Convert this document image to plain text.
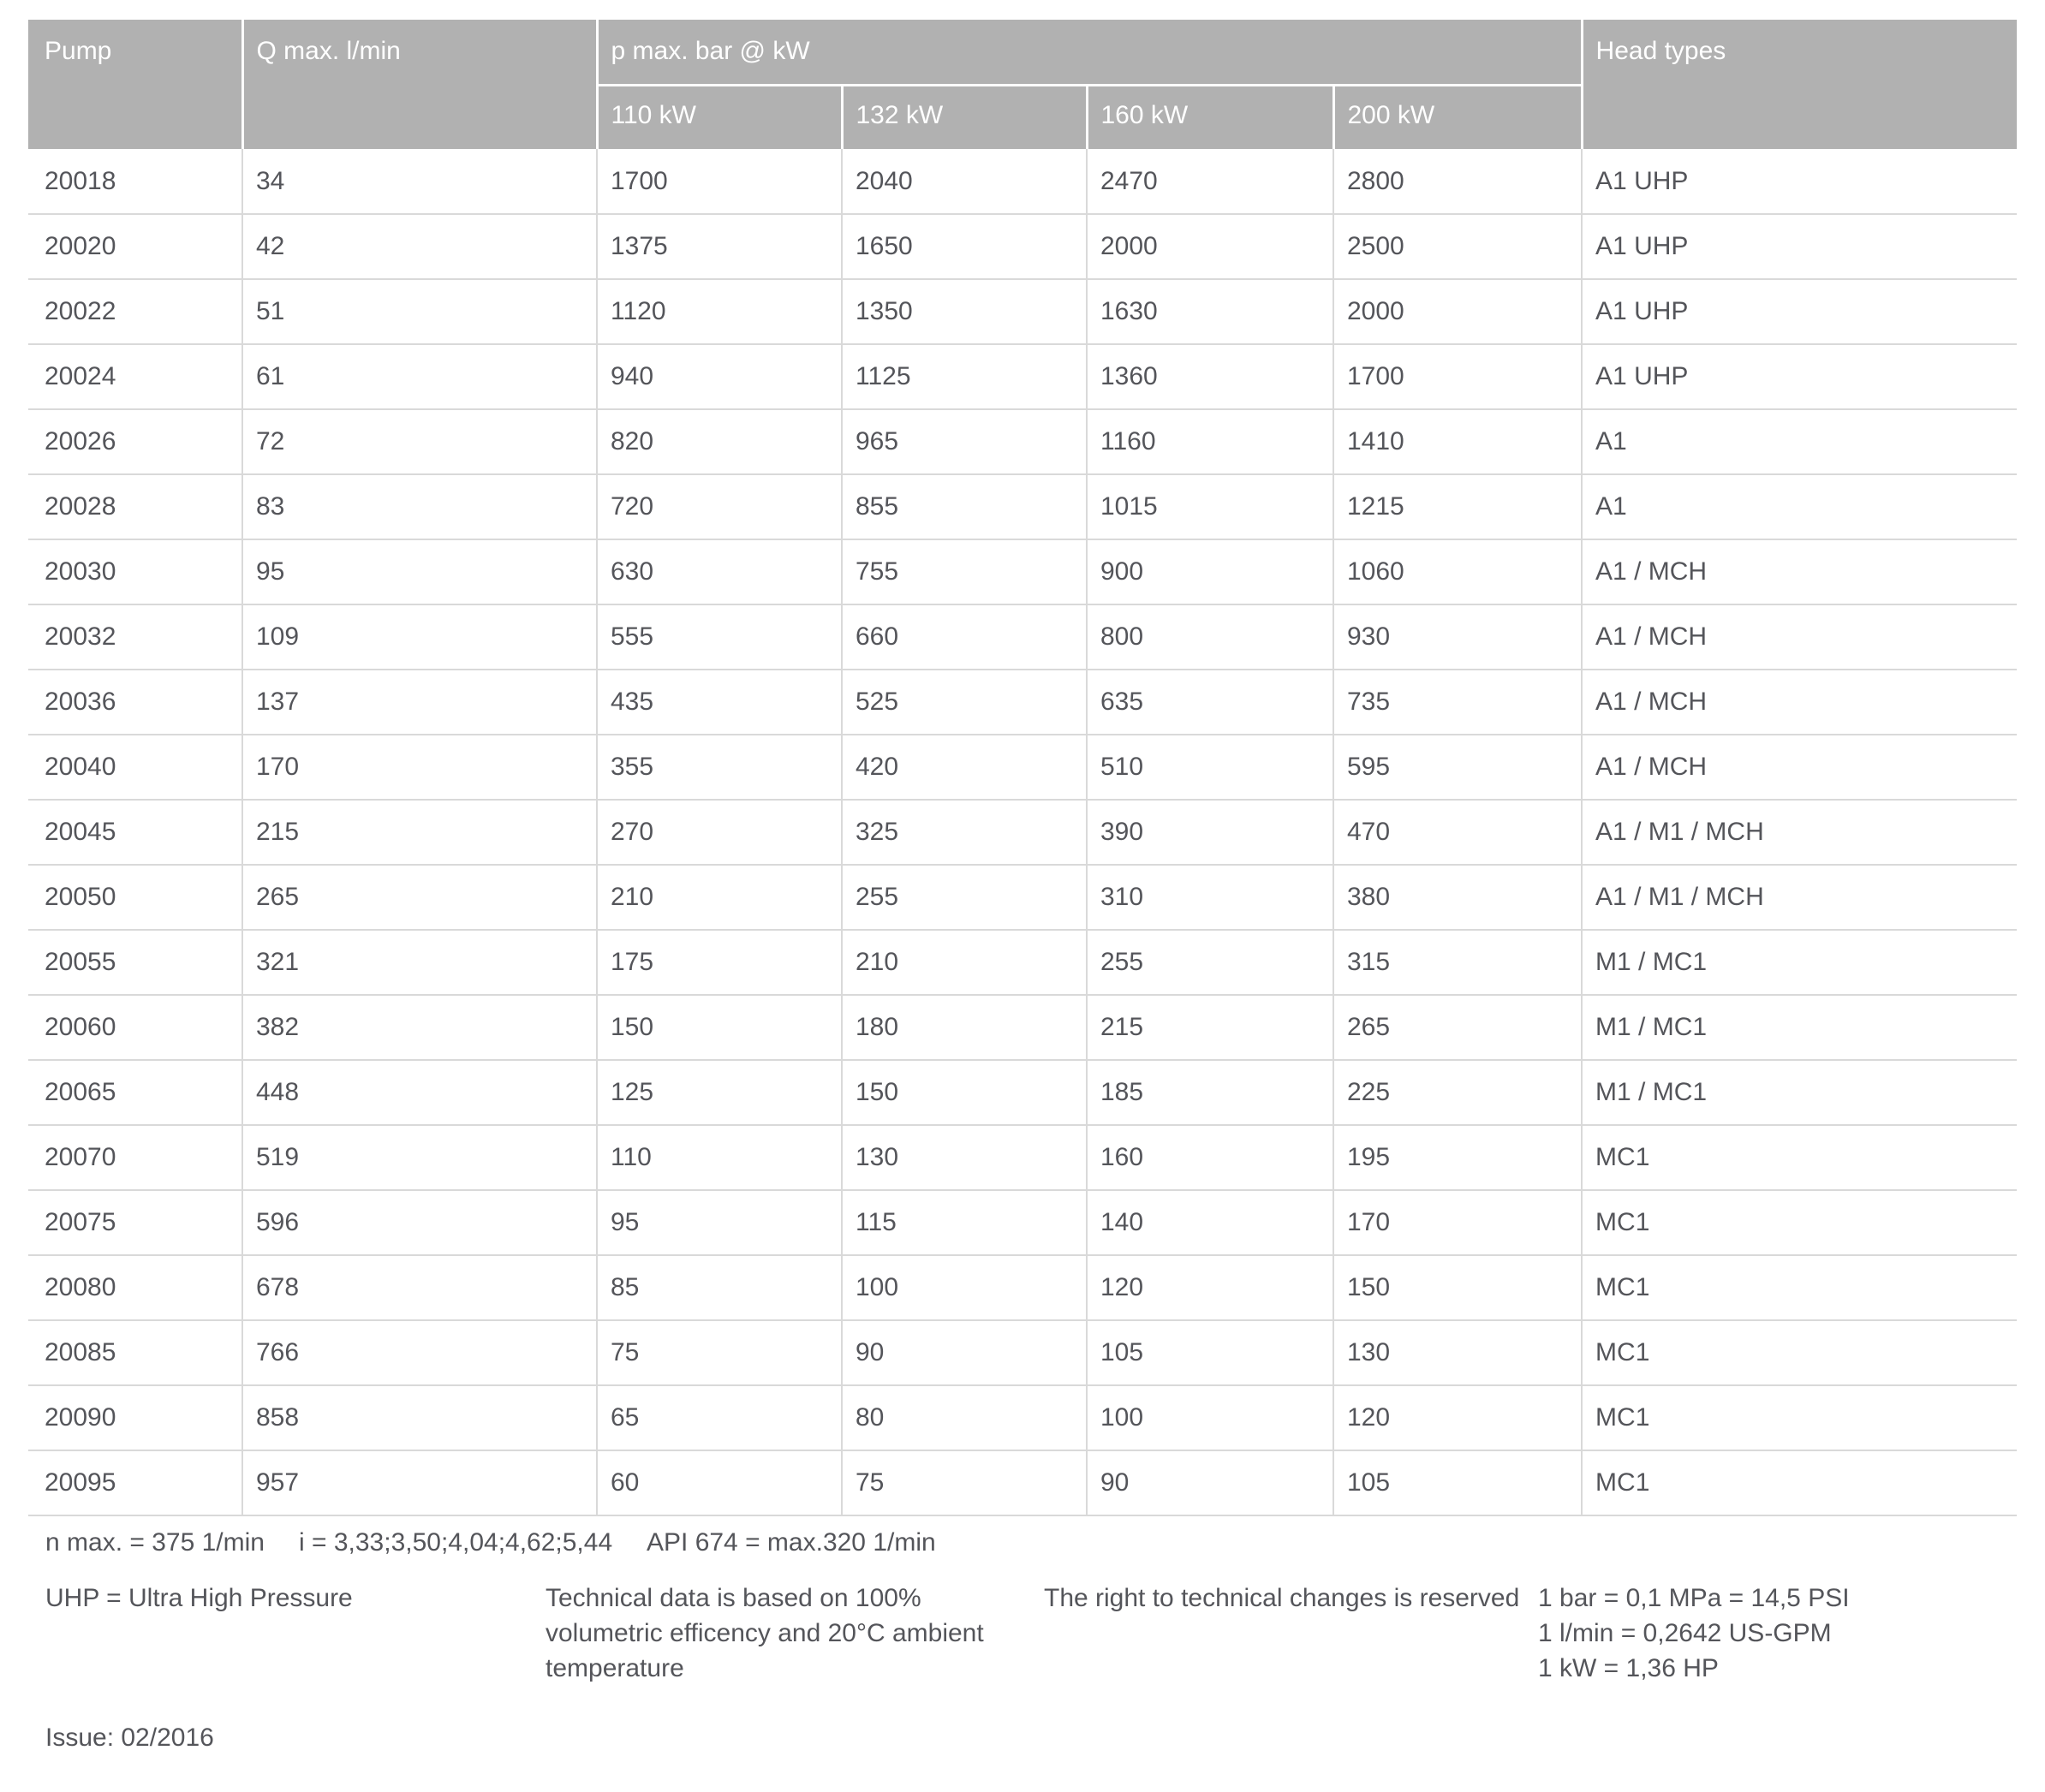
Pump	Q max. l/min	p max. bar @ kW				Head types
		110 kW	132 kW	160 kW	200 kW	
20018	34	1700	2040	2470	2800	A1 UHP
20020	42	1375	1650	2000	2500	A1 UHP
20022	51	1120	1350	1630	2000	A1 UHP
20024	61	940	1125	1360	1700	A1 UHP
20026	72	820	965	1160	1410	A1
20028	83	720	855	1015	1215	A1
20030	95	630	755	900	1060	A1 / MCH
20032	109	555	660	800	930	A1 / MCH
20036	137	435	525	635	735	A1 / MCH
20040	170	355	420	510	595	A1 / MCH
20045	215	270	325	390	470	A1 / M1 / MCH
20050	265	210	255	310	380	A1 / M1 / MCH
20055	321	175	210	255	315	M1 / MC1
20060	382	150	180	215	265	M1 / MC1
20065	448	125	150	185	225	M1 / MC1
20070	519	110	130	160	195	MC1
20075	596	95	115	140	170	MC1
20080	678	85	100	120	150	MC1
20085	766	75	90	105	130	MC1
20090	858	65	80	100	120	MC1
20095	957	60	75	90	105	MC1
n max. = 375 1/min i = 3,33;3,50;4,04;4,62;5,44 API 674 = max.320 1/min
UHP = Ultra High Pressure	Technical data is based on 100% volumetric efficency and 20°C ambient temperature
The right to technical changes is reserved 1 bar = 0,1 MPa = 14,5 PSI
1 l/min = 0,2642 US-GPM
1 kW = 1,36 HP
Issue: 02/2016
